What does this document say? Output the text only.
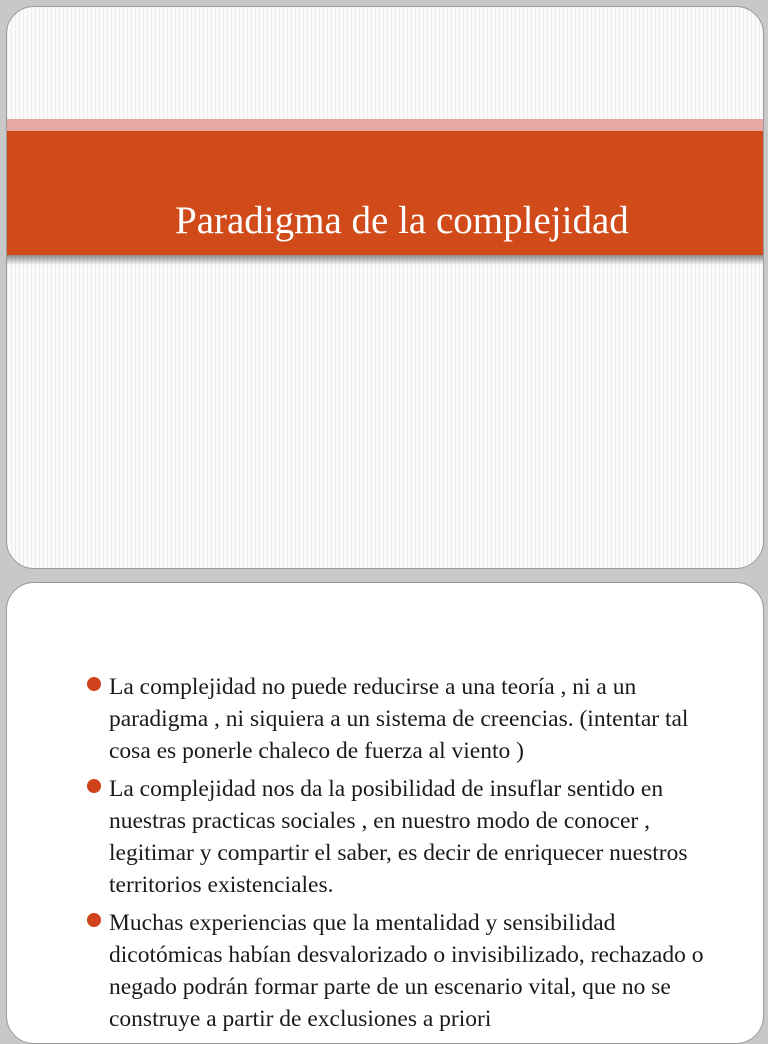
Paradigma de la complejidad
La complejidad no puede reducirse a una teoría , ni a un paradigma , ni siquiera a un sistema de creencias. (intentar tal cosa es ponerle chaleco de fuerza al viento )
La complejidad nos da la posibilidad de insuflar sentido en nuestras practicas sociales , en nuestro modo de conocer , legitimar y compartir el saber, es decir de enriquecer nuestros territorios existenciales.
Muchas experiencias que la mentalidad y sensibilidad dicotómicas habían desvalorizado o invisibilizado, rechazado o negado podrán formar parte de un escenario vital, que no se construye a partir de exclusiones a priori
